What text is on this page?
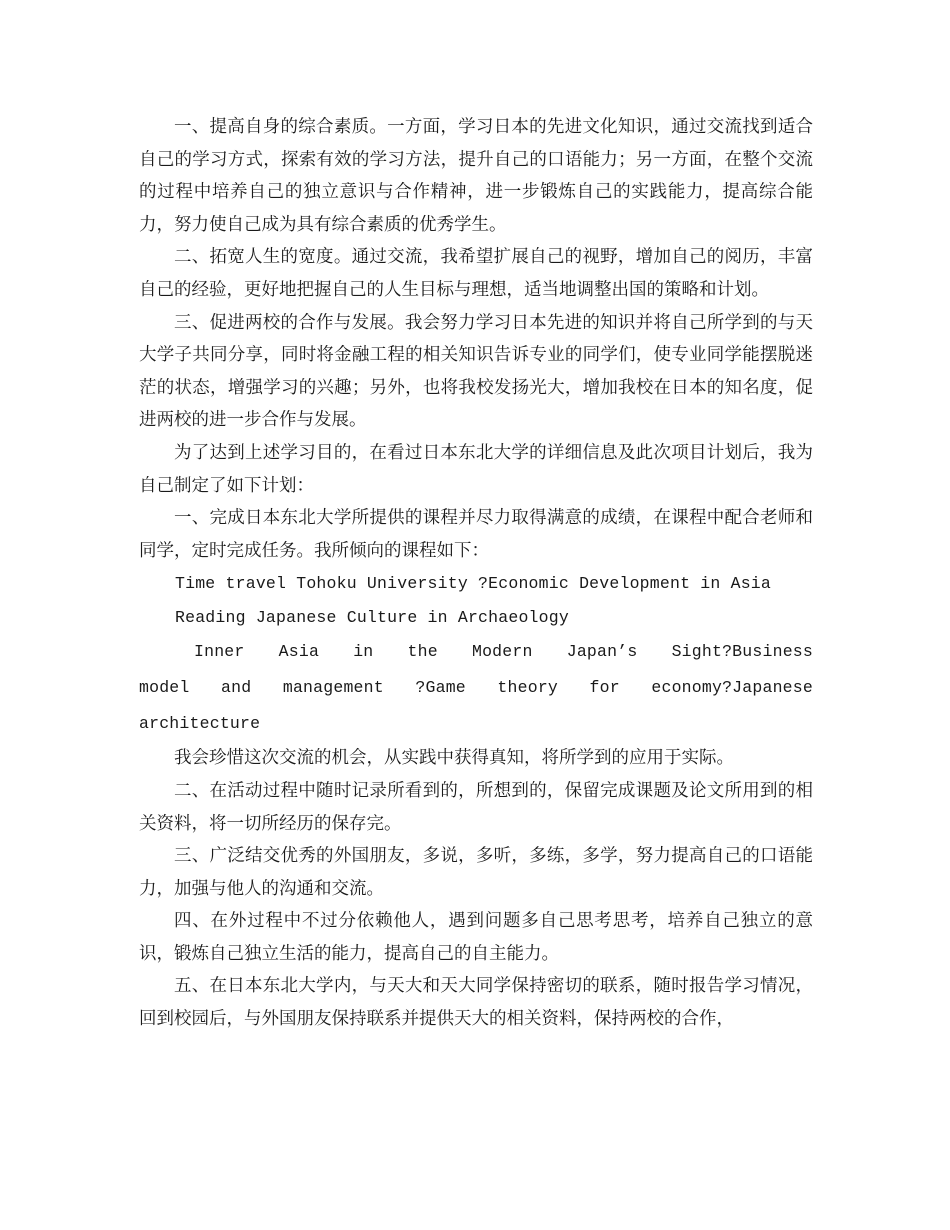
一、提高自身的综合素质。一方面，学习日本的先进文化知识，通过交流找到适合自己的学习方式，探索有效的学习方法，提升自己的口语能力；另一方面，在整个交流的过程中培养自己的独立意识与合作精神，进一步锻炼自己的实践能力，提高综合能力，努力使自己成为具有综合素质的优秀学生。

二、拓宽人生的宽度。通过交流，我希望扩展自己的视野，增加自己的阅历，丰富自己的经验，更好地把握自己的人生目标与理想，适当地调整出国的策略和计划。

三、促进两校的合作与发展。我会努力学习日本先进的知识并将自己所学到的与天大学子共同分享，同时将金融工程的相关知识告诉专业的同学们，使专业同学能摆脱迷茫的状态，增强学习的兴趣；另外，也将我校发扬光大，增加我校在日本的知名度，促进两校的进一步合作与发展。

为了达到上述学习目的，在看过日本东北大学的详细信息及此次项目计划后，我为自己制定了如下计划：

一、完成日本东北大学所提供的课程并尽力取得满意的成绩，在课程中配合老师和同学，定时完成任务。我所倾向的课程如下：

Time travel Tohoku University ?Economic Development in Asia

Reading Japanese Culture in Archaeology

Inner Asia in the Modern Japan’s Sight?Business model and management ?Game theory for economy?Japanese architecture

我会珍惜这次交流的机会，从实践中获得真知，将所学到的应用于实际。

二、在活动过程中随时记录所看到的，所想到的，保留完成课题及论文所用到的相关资料，将一切所经历的保存完。

三、广泛结交优秀的外国朋友，多说，多听，多练，多学，努力提高自己的口语能力，加强与他人的沟通和交流。

四、在外过程中不过分依赖他人，遇到问题多自己思考思考，培养自己独立的意识，锻炼自己独立生活的能力，提高自己的自主能力。

五、在日本东北大学内，与天大和天大同学保持密切的联系，随时报告学习情况，回到校园后，与外国朋友保持联系并提供天大的相关资料，保持两校的合作，
